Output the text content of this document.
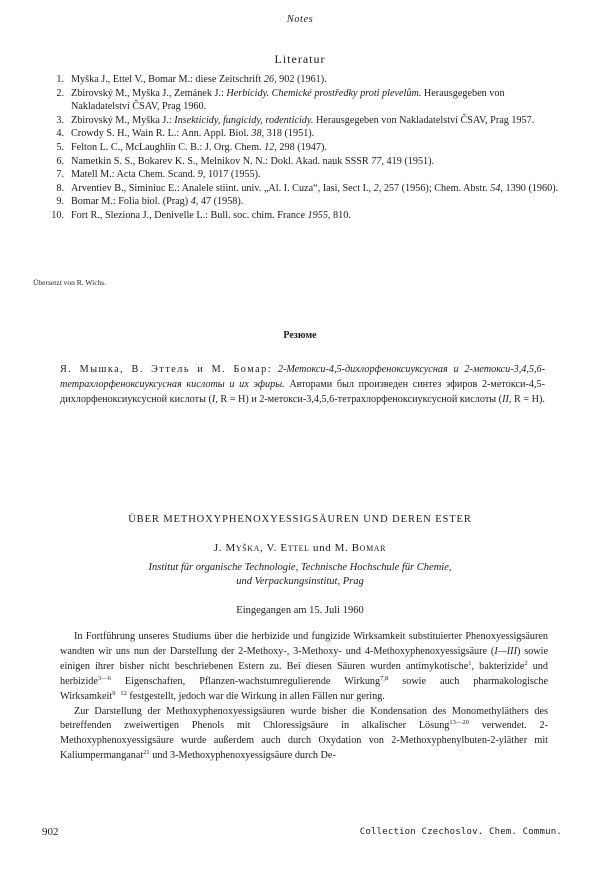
Notes
Literatur
1. Myška J., Ettel V., Bomar M.: diese Zeitschrift 26, 902 (1961).
2. Zbirovský M., Myška J., Zemánek J.: Herbicidy. Chemické prostředky proti plevelům. Herausgegeben von Nakladatelství ČSAV, Prag 1960.
3. Zbirovský M., Myška J.: Insekticidy, fungicidy, rodenticidy. Herausgegeben von Nakladatelství ČSAV, Prag 1957.
4. Crowdy S. H., Wain R. L.: Ann. Appl. Biol. 38, 318 (1951).
5. Felton L. C., McLaughlin C. B.: J. Org. Chem. 12, 298 (1947).
6. Nametkin S. S., Bokarev K. S., Melnikov N. N.: Dokl. Akad. nauk SSSR 77, 419 (1951).
7. Matell M.: Acta Chem. Scand. 9, 1017 (1955).
8. Arventiev B., Siminiuc E.: Analele stiint. univ. „Al. I. Cuza“, Iasi, Sect I., 2, 257 (1956); Chem. Abstr. 54, 1390 (1960).
9. Bomar M.: Folia biol. (Prag) 4, 47 (1958).
10. Fort R., Sleziona J., Denivelle L.: Bull. soc. chim. France 1955, 810.
Übersetzt von R. Wichs.
Резюме

Я. Мышка, В. Эттель и М. Бомар: 2-Метокси-4,5-дихлорфеноксиуксусная и 2-метокси-3,4,5,6-тетрахлорфеноксиуксусная кислоты и их эфиры. Авторами был произведен синтез эфиров 2-метокси-4,5-дихлорфеноксиуксусной кислоты (I, R = H) и 2-метокси-3,4,5,6-тетрахлорфеноксиуксусной кислоты (II, R = H).

ÜBER METHOXYPHENOXYESSIGSÄUREN UND DEREN ESTER
J. Myška, V. Ettel und M. Bomar
Institut für organische Technologie, Technische Hochschule für Chemie,
und Verpackungsinstitut, Prag
Eingegangen am 15. Juli 1960

In Fortführung unseres Studiums über die herbizide und fungizide Wirksamkeit substituierter Phenoxyessigsäuren wandten wir uns nun der Darstellung der 2-Methoxy-, 3-Methoxy- und 4-Methoxyphenoxyessigsäure (I—III) sowie einigen ihrer bisher nicht beschriebenen Estern zu. Bei diesen Säuren wurden antimykotische$^1$, bakterizide$^2$ und herbizide$^{3—6}$ Eigenschaften, Pflanzen-wachstumregulierende Wirkung$^{7,8}$ sowie auch pharmakologische Wirksamkeit$^{9 12}$ festgestellt, jedoch war die Wirkung in allen Fällen nur gering.

Zur Darstellung der Methoxyphenoxyessigsäuren wurde bisher die Kondensation des Monomethyläthers des betreffenden zweiwertigen Phenols mit Chloressigsäure in alkalischer Lösung$^{13—20}$ verwendet. 2-Methoxyphenoxyessigsäure wurde außerdem auch durch Oxydation von 2-Methoxyphenylbuten-2-yläther mit Kaliumpermanganat$^{21}$ und 3-Methoxyphenoxyessigsäure durch De-

902	Collection Czechoslov. Chem. Commun.
